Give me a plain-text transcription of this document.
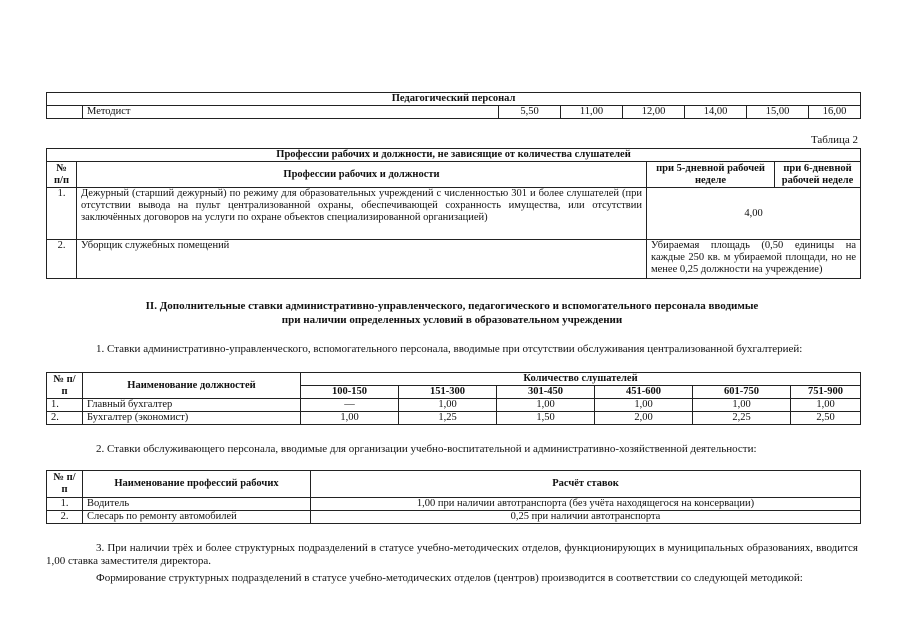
Педагогический персонал
	Методист	5,50	11,00	12,00	14,00	15,00	16,00
Таблица 2
Профессии рабочих и должности, не зависящие от количества слушателей			
№ п/п	Профессии рабочих и должности	при 5-дневной рабочей неделе	при 6-дневной рабочей неделе
1.	Дежурный (старший дежурный) по режиму для образовательных учреждений с численностью 301 и более слушателей (при отсутствии вывода на пульт централизованной охраны, обеспечивающей сохранность имущества, или отсутствии заключённых договоров на услуги по охране объектов специализированной организацией)	4,00	
2.	Уборщик служебных помещений	Убираемая площадь (0,50 единицы на каждые 250 кв. м убираемой площади, но не менее 0,25 должности на учреждение)	
II. Дополнительные ставки административно-управленческого, педагогического и вспомогательного персонала вводимые
при наличии определенных условий в образовательном учреждении
1. Ставки административно-управленческого, вспомогательного персонала, вводимые при отсутствии обслуживания централизованной бухгалтерией:
№ п/п	Наименование должностей	Количество слушателей					
		100-150	151-300	301-450	451-600	601-750	751-900
1.	Главный бухгалтер	—	1,00	1,00	1,00	1,00	1,00
2.	Бухгалтер (экономист)	1,00	1,25	1,50	2,00	2,25	2,50
2. Ставки обслуживающего персонала, вводимые для организации учебно-воспитательной и административно-хозяйственной деятельности:
№ п/п	Наименование профессий рабочих	Расчёт ставок
1.	Водитель	1,00 при наличии автотранспорта (без учёта находящегося на консервации)
2.	Слесарь по ремонту автомобилей	0,25 при наличии автотранспорта
3. При наличии трёх и более структурных подразделений в статусе учебно-методических отделов, функционирующих в муниципальных образованиях, вводится 1,00 ставка заместителя директора.
Формирование структурных подразделений в статусе учебно-методических отделов (центров) производится в соответствии со следующей методикой:
